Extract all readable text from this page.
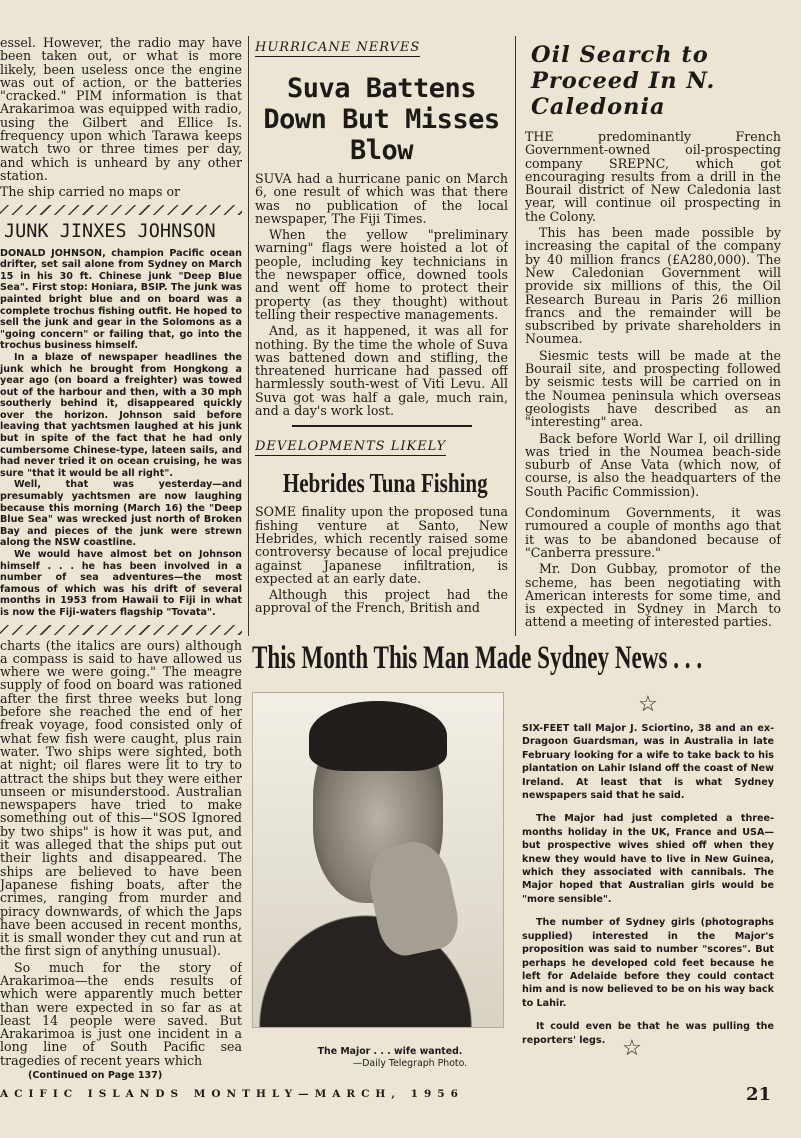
essel. However, the radio may have been taken out, or what is more likely, been useless once the engine was out of action, or the batteries "cracked." PIM information is that Arakarimoa was equipped with radio, using the Gilbert and Ellice Is. frequency upon which Tarawa keeps watch two or three times per day, and which is unheard by any other station.

The ship carried no maps or

JUNK JINXES JOHNSON

DONALD JOHNSON, champion Pacific ocean drifter, set sail alone from Sydney on March 15 in his 30 ft. Chinese junk "Deep Blue Sea". First stop: Honiara, BSIP. The junk was painted bright blue and on board was a complete trochus fishing outfit. He hoped to sell the junk and gear in the Solomons as a "going concern" or failing that, go into the trochus business himself.

In a blaze of newspaper headlines the junk which he brought from Hongkong a year ago (on board a freighter) was towed out of the harbour and then, with a 30 mph southerly behind it, disappeared quickly over the horizon. Johnson said before leaving that yachtsmen laughed at his junk but in spite of the fact that he had only cumbersome Chinese-type, lateen sails, and had never tried it on ocean cruising, he was sure "that it would be all right".

Well, that was yesterday—and presumably yachtsmen are now laughing because this morning (March 16) the "Deep Blue Sea" was wrecked just north of Broken Bay and pieces of the junk were strewn along the NSW coastline.

We would have almost bet on Johnson himself . . . he has been involved in a number of sea adventures—the most famous of which was his drift of several months in 1953 from Hawaii to Fiji in what is now the Fiji-waters flagship "Tovata".

charts (the italics are ours) although a compass is said to have allowed us where we were going." The meagre supply of food on board was rationed after the first three weeks but long before she reached the end of her freak voyage, food consisted only of what few fish were caught, plus rain water. Two ships were sighted, both at night; oil flares were lit to try to attract the ships but they were either unseen or misunderstood. Australian newspapers have tried to make something out of this—"SOS Ignored by two ships" is how it was put, and it was alleged that the ships put out their lights and disappeared. The ships are believed to have been Japanese fishing boats, after the crimes, ranging from murder and piracy downwards, of which the Japs have been accused in recent months, it is small wonder they cut and run at the first sign of anything unusual).

So much for the story of Arakarimoa—the ends results of which were apparently much better than were expected in so far as at least 14 people were saved. But Arakarimoa is just one incident in a long line of South Pacific sea tragedies of recent years which

(Continued on Page 137)

HURRICANE NERVES
Suva Battens Down But Misses Blow

SUVA had a hurricane panic on March 6, one result of which was that there was no publication of the local newspaper, The Fiji Times.

When the yellow "preliminary warning" flags were hoisted a lot of people, including key technicians in the newspaper office, downed tools and went off home to protect their property (as they thought) without telling their respective managements.

And, as it happened, it was all for nothing. By the time the whole of Suva was battened down and stifling, the threatened hurricane had passed off harmlessly south-west of Viti Levu. All Suva got was half a gale, much rain, and a day's work lost.

DEVELOPMENTS LIKELY
Hebrides Tuna Fishing

SOME finality upon the proposed tuna fishing venture at Santo, New Hebrides, which recently raised some controversy because of local prejudice against Japanese infiltration, is expected at an early date.

Although this project had the approval of the French, British and

Oil Search to Proceed In N. Caledonia

THE predominantly French Government-owned oil-prospecting company SREPNC, which got encouraging results from a drill in the Bourail district of New Caledonia last year, will continue oil prospecting in the Colony.

This has been made possible by increasing the capital of the company by 40 million francs (£A280,000). The New Caledonian Government will provide six millions of this, the Oil Research Bureau in Paris 26 million francs and the remainder will be subscribed by private shareholders in Noumea.

Siesmic tests will be made at the Bourail site, and prospecting followed by seismic tests will be carried on in the Noumea peninsula which overseas geologists have described as an "interesting" area.

Back before World War I, oil drilling was tried in the Noumea beach-side suburb of Anse Vata (which now, of course, is also the headquarters of the South Pacific Commission).

Condominum Governments, it was rumoured a couple of months ago that it was to be abandoned because of "Canberra pressure."

Mr. Don Gubbay, promotor of the scheme, has been negotiating with American interests for some time, and is expected in Sydney in March to attend a meeting of interested parties.

This Month This Man Made Sydney News . . .
The Major . . . wife wanted.
—Daily Telegraph Photo.
☆

SIX-FEET tall Major J. Sciortino, 38 and an ex-Dragoon Guardsman, was in Australia in late February looking for a wife to take back to his plantation on Lahir Island off the coast of New Ireland. At least that is what Sydney newspapers said that he said.

The Major had just completed a three-months holiday in the UK, France and USA—but prospective wives shied off when they knew they would have to live in New Guinea, which they associated with cannibals. The Major hoped that Australian girls would be "more sensible".

The number of Sydney girls (photographs supplied) interested in the Major's proposition was said to number "scores". But perhaps he developed cold feet because he left for Adelaide before they could contact him and is now believed to be on his way back to Lahir.

It could even be that he was pulling the reporters' legs. ☆
ACIFIC ISLANDS MONTHLY—MARCH, 1956	21
